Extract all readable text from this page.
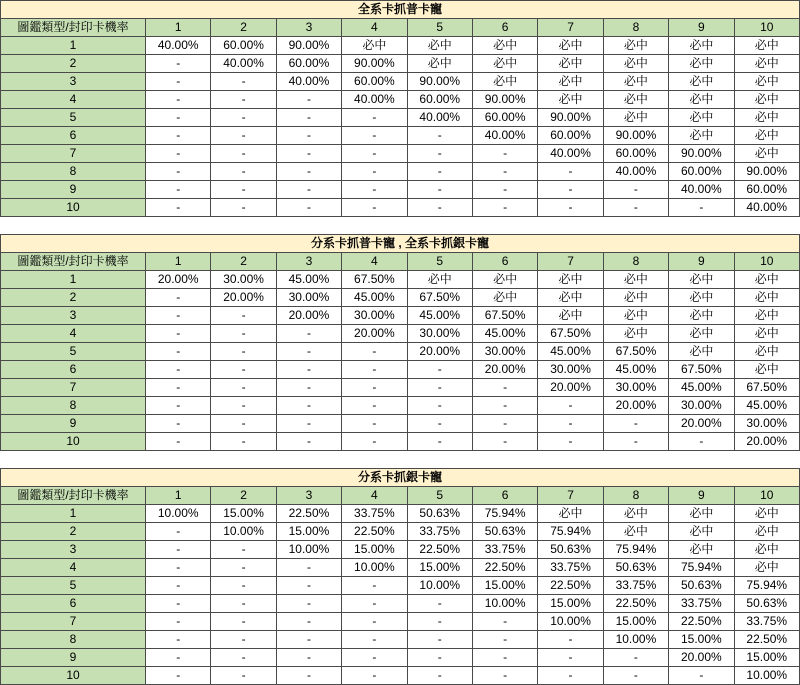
全系卡抓普卡寵										
圖鑑類型/封印卡機率	1	2	3	4	5	6	7	8	9	10
1	40.00%	60.00%	90.00%	必中	必中	必中	必中	必中	必中	必中
2	-	40.00%	60.00%	90.00%	必中	必中	必中	必中	必中	必中
3	-	-	40.00%	60.00%	90.00%	必中	必中	必中	必中	必中
4	-	-	-	40.00%	60.00%	90.00%	必中	必中	必中	必中
5	-	-	-	-	40.00%	60.00%	90.00%	必中	必中	必中
6	-	-	-	-	-	40.00%	60.00%	90.00%	必中	必中
7	-	-	-	-	-	-	40.00%	60.00%	90.00%	必中
8	-	-	-	-	-	-	-	40.00%	60.00%	90.00%
9	-	-	-	-	-	-	-	-	40.00%	60.00%
10	-	-	-	-	-	-	-	-	-	40.00%
分系卡抓普卡寵 , 全系卡抓銀卡寵										
圖鑑類型/封印卡機率	1	2	3	4	5	6	7	8	9	10
1	20.00%	30.00%	45.00%	67.50%	必中	必中	必中	必中	必中	必中
2	-	20.00%	30.00%	45.00%	67.50%	必中	必中	必中	必中	必中
3	-	-	20.00%	30.00%	45.00%	67.50%	必中	必中	必中	必中
4	-	-	-	20.00%	30.00%	45.00%	67.50%	必中	必中	必中
5	-	-	-	-	20.00%	30.00%	45.00%	67.50%	必中	必中
6	-	-	-	-	-	20.00%	30.00%	45.00%	67.50%	必中
7	-	-	-	-	-	-	20.00%	30.00%	45.00%	67.50%
8	-	-	-	-	-	-	-	20.00%	30.00%	45.00%
9	-	-	-	-	-	-	-	-	20.00%	30.00%
10	-	-	-	-	-	-	-	-	-	20.00%
分系卡抓銀卡寵										
圖鑑類型/封印卡機率	1	2	3	4	5	6	7	8	9	10
1	10.00%	15.00%	22.50%	33.75%	50.63%	75.94%	必中	必中	必中	必中
2	-	10.00%	15.00%	22.50%	33.75%	50.63%	75.94%	必中	必中	必中
3	-	-	10.00%	15.00%	22.50%	33.75%	50.63%	75.94%	必中	必中
4	-	-	-	10.00%	15.00%	22.50%	33.75%	50.63%	75.94%	必中
5	-	-	-	-	10.00%	15.00%	22.50%	33.75%	50.63%	75.94%
6	-	-	-	-	-	10.00%	15.00%	22.50%	33.75%	50.63%
7	-	-	-	-	-	-	10.00%	15.00%	22.50%	33.75%
8	-	-	-	-	-	-	-	10.00%	15.00%	22.50%
9	-	-	-	-	-	-	-	-	20.00%	15.00%
10	-	-	-	-	-	-	-	-	-	10.00%
